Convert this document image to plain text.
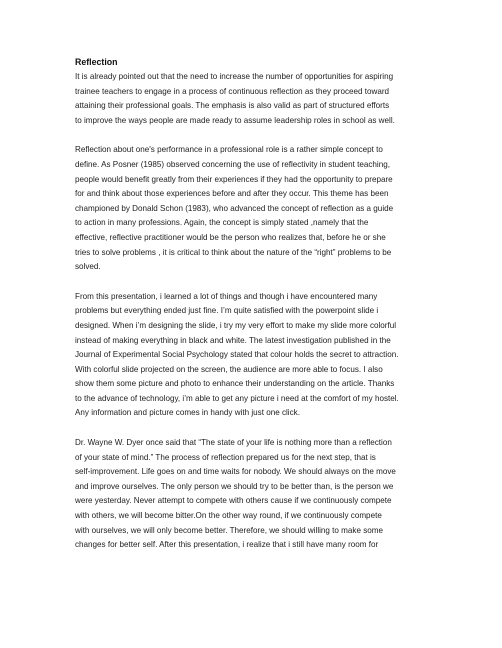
Reflection

It is already pointed out that the need to increase the number of opportunities for aspiring
trainee teachers to engage in a process of continuous reflection as they proceed toward
attaining their professional goals. The emphasis is also valid as part of structured efforts
to improve the ways people are made ready to assume leadership roles in school as well.

Reflection about one's performance in a professional role is a rather simple concept to
define. As Posner (1985) observed concerning the use of reflectivity in student teaching,
people would benefit greatly from their experiences if they had the opportunity to prepare
for and think about those experiences before and after they occur. This theme has been
championed by Donald Schon (1983), who advanced the concept of reflection as a guide
to action in many professions. Again, the concept is simply stated ,namely that the
effective, reflective practitioner would be the person who realizes that, before he or she
tries to solve problems , it is critical to think about the nature of the “right” problems to be
solved.

From this presentation, i learned a lot of things and though i have encountered many
problems but everything ended just fine. I’m quite satisfied with the powerpoint slide i
designed. When i’m designing the slide, i try my very effort to make my slide more colorful
instead of making everything in black and white. The latest investigation published in the
Journal of Experimental Social Psychology stated that colour holds the secret to attraction.
With colorful slide projected on the screen, the audience are more able to focus. I also
show them some picture and photo to enhance their understanding on the article. Thanks
to the advance of technology, i’m able to get any picture i need at the comfort of my hostel.
Any information and picture comes in handy with just one click.

Dr. Wayne W. Dyer once said that “The state of your life is nothing more than a reflection
of your state of mind.” The process of reflection prepared us for the next step, that is
self-improvement. Life goes on and time waits for nobody. We should always on the move
and improve ourselves. The only person we should try to be better than, is the person we
were yesterday. Never attempt to compete with others cause if we continuously compete
with others, we will become bitter.On the other way round, if we continuously compete
with ourselves, we will only become better. Therefore, we should willing to make some
changes for better self. After this presentation, i realize that i still have many room for
